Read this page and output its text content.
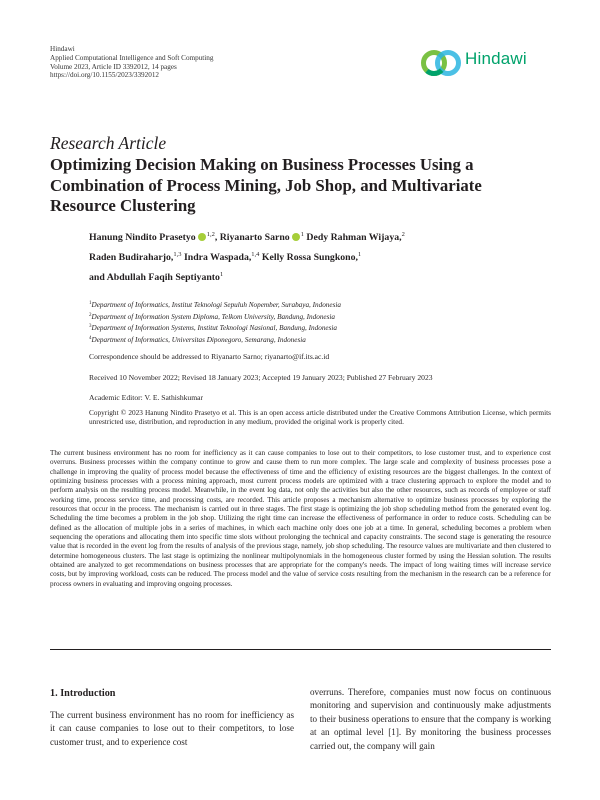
Hindawi
Applied Computational Intelligence and Soft Computing
Volume 2023, Article ID 3392012, 14 pages
https://doi.org/10.1155/2023/3392012
Hindawi
Research Article
Optimizing Decision Making on Business Processes Using a Combination of Process Mining, Job Shop, and Multivariate Resource Clustering
Hanung Nindito Prasetyo $^{1,2}$, Riyanarto Sarno $^1$ Dedy Rahman Wijaya,$^2$
Raden Budiraharjo,$^{1,3}$ Indra Waspada,$^{1,4}$ Kelly Rossa Sungkono,$^1$
and Abdullah Faqih Septiyanto$^1$
$^1$Department of Informatics, Institut Teknologi Sepuluh Nopember, Surabaya, Indonesia
$^2$Department of Information System Diploma, Telkom University, Bandung, Indonesia
$^3$Department of Information Systems, Institut Teknologi Nasional, Bandung, Indonesia
$^4$Department of Informatics, Universitas Diponegoro, Semarang, Indonesia
Correspondence should be addressed to Riyanarto Sarno; riyanarto@if.its.ac.id
Received 10 November 2022; Revised 18 January 2023; Accepted 19 January 2023; Published 27 February 2023
Academic Editor: V. E. Sathishkumar
Copyright © 2023 Hanung Nindito Prasetyo et al. This is an open access article distributed under the Creative Commons Attribution License, which permits unrestricted use, distribution, and reproduction in any medium, provided the original work is properly cited.
The current business environment has no room for inefficiency as it can cause companies to lose out to their competitors, to lose customer trust, and to experience cost overruns. Business processes within the company continue to grow and cause them to run more complex. The large scale and complexity of business processes pose a challenge in improving the quality of process model because the effectiveness of time and the efficiency of existing resources are the biggest challenges. In the context of optimizing business processes with a process mining approach, most current process models are optimized with a trace clustering approach to explore the model and to perform analysis on the resulting process model. Meanwhile, in the event log data, not only the activities but also the other resources, such as records of employee or staff working time, process service time, and processing costs, are recorded. This article proposes a mechanism alternative to optimize business processes by exploring the resources that occur in the process. The mechanism is carried out in three stages. The first stage is optimizing the job shop scheduling method from the generated event log. Scheduling the time becomes a problem in the job shop. Utilizing the right time can increase the effectiveness of performance in order to reduce costs. Scheduling can be defined as the allocation of multiple jobs in a series of machines, in which each machine only does one job at a time. In general, scheduling becomes a problem when sequencing the operations and allocating them into specific time slots without prolonging the technical and capacity constraints. The second stage is generating the resource value that is recorded in the event log from the results of analysis of the previous stage, namely, job shop scheduling. The resource values are multivariate and then clustered to determine homogeneous clusters. The last stage is optimizing the nonlinear multipolynomials in the homogeneous cluster formed by using the Hessian solution. The results obtained are analyzed to get recommendations on business processes that are appropriate for the company's needs. The impact of long waiting times will increase service costs, but by improving workload, costs can be reduced. The process model and the value of service costs resulting from the mechanism in the research can be a reference for process owners in evaluating and improving ongoing processes.
1. Introduction

The current business environment has no room for inefficiency as it can cause companies to lose out to their competitors, to lose customer trust, and to experience cost

overruns. Therefore, companies must now focus on continuous monitoring and supervision and continuously make adjustments to their business operations to ensure that the company is working at an optimal level [1]. By monitoring the business processes carried out, the company will gain
